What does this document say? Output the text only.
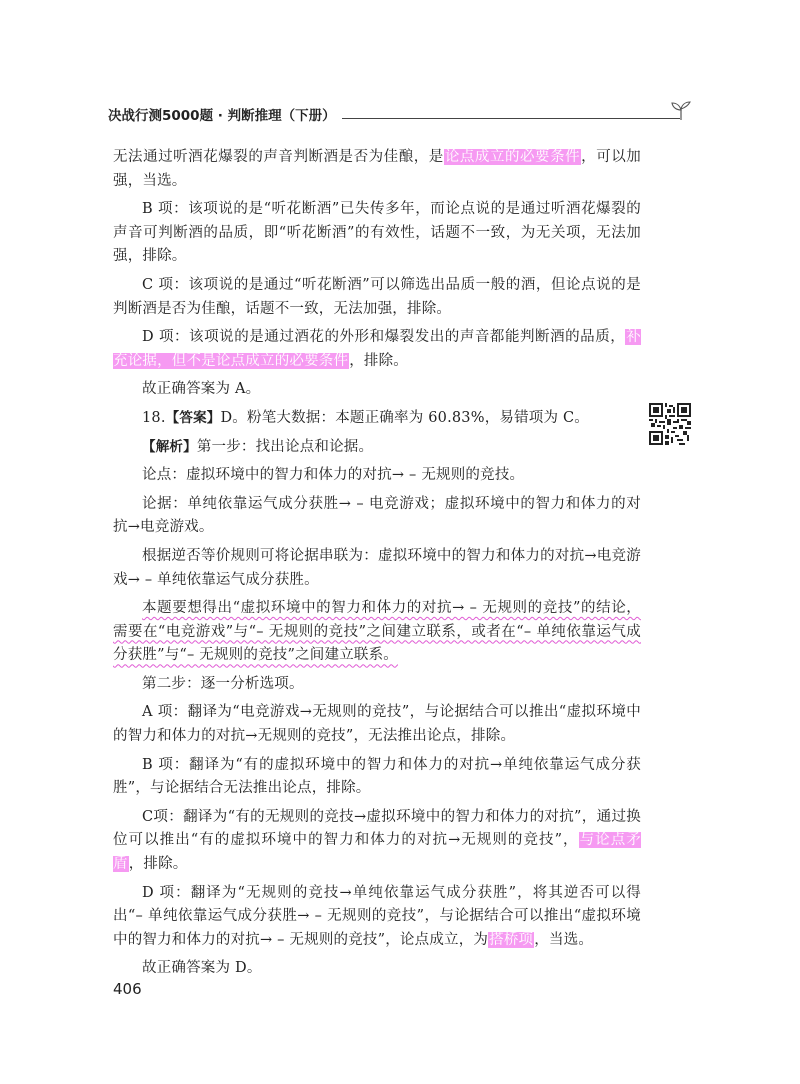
决战行测5000题 · 判断推理（下册）

无法通过听酒花爆裂的声音判断酒是否为佳酿，是论点成立的必要条件，可以加强，当选。

B 项：该项说的是“听花断酒”已失传多年，而论点说的是通过听酒花爆裂的声音可判断酒的品质，即“听花断酒”的有效性，话题不一致，为无关项，无法加强，排除。

C 项：该项说的是通过“听花断酒”可以筛选出品质一般的酒，但论点说的是判断酒是否为佳酿，话题不一致，无法加强，排除。

D 项：该项说的是通过酒花的外形和爆裂发出的声音都能判断酒的品质，补充论据，但不是论点成立的必要条件，排除。

故正确答案为 A。

18.【答案】D。粉笔大数据：本题正确率为 60.83%，易错项为 C。

【解析】第一步：找出论点和论据。

论点：虚拟环境中的智力和体力的对抗→ – 无规则的竞技。

论据：单纯依靠运气成分获胜→ – 电竞游戏；虚拟环境中的智力和体力的对抗→电竞游戏。

根据逆否等价规则可将论据串联为：虚拟环境中的智力和体力的对抗→电竞游戏→ – 单纯依靠运气成分获胜。

本题要想得出“虚拟环境中的智力和体力的对抗→ – 无规则的竞技”的结论，需要在“电竞游戏”与“– 无规则的竞技”之间建立联系，或者在“– 单纯依靠运气成分获胜”与“– 无规则的竞技”之间建立联系。

第二步：逐一分析选项。

A 项：翻译为“电竞游戏→无规则的竞技”，与论据结合可以推出“虚拟环境中的智力和体力的对抗→无规则的竞技”，无法推出论点，排除。

B 项：翻译为“有的虚拟环境中的智力和体力的对抗→单纯依靠运气成分获胜”，与论据结合无法推出论点，排除。

C项：翻译为“有的无规则的竞技→虚拟环境中的智力和体力的对抗”，通过换位可以推出“有的虚拟环境中的智力和体力的对抗→无规则的竞技”，与论点矛盾，排除。

D 项：翻译为“无规则的竞技→单纯依靠运气成分获胜”，将其逆否可以得出“– 单纯依靠运气成分获胜→ – 无规则的竞技”，与论据结合可以推出“虚拟环境中的智力和体力的对抗→ – 无规则的竞技”，论点成立，为搭桥项，当选。

故正确答案为 D。

406
